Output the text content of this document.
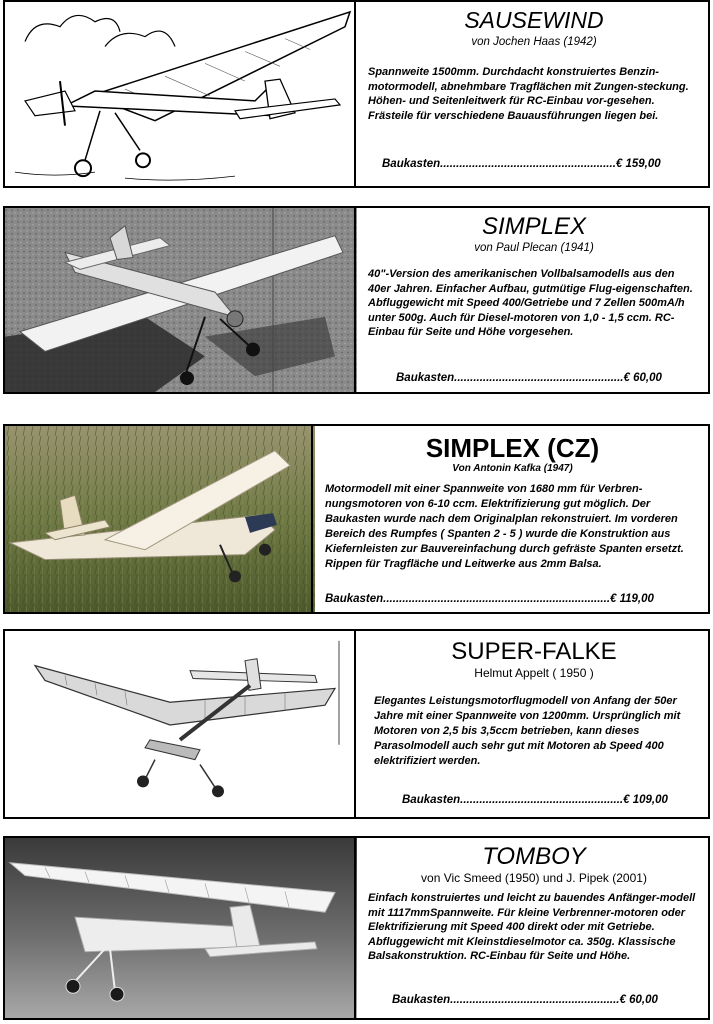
SAUSEWIND
von Jochen Haas (1942)
Spannweite 1500mm. Durchdacht konstruiertes Benzin-motormodell, abnehmbare Tragflächen mit Zungen-steckung. Höhen- und Seitenleitwerk für RC-Einbau vor-gesehen. Frästeile für verschiedene Bauausführungen liegen bei.
Baukasten.......................................................€ 159,00
SIMPLEX
von Paul Plecan (1941)
40"-Version des amerikanischen Vollbalsamodells aus den 40er Jahren. Einfacher Aufbau, gutmütige Flug-eigenschaften. Abfluggewicht mit Speed 400/Getriebe und 7 Zellen 500mA/h unter 500g. Auch für Diesel-motoren von 1,0 - 1,5 ccm. RC-Einbau für Seite und Höhe vorgesehen.
Baukasten.....................................................€ 60,00
SIMPLEX (CZ)
Von Antonin Kafka (1947)
Motormodell mit einer Spannweite von 1680 mm für Verbren-nungsmotoren von 6-10 ccm. Elektrifizierung gut möglich. Der Baukasten wurde nach dem Originalplan rekonstruiert. Im vorderen Bereich des Rumpfes ( Spanten 2 - 5 ) wurde die Konstruktion aus Kiefernleisten zur Bauvereinfachung durch gefräste Spanten ersetzt. Rippen für Tragfläche und Leitwerke aus 2mm Balsa.
Baukasten.......................................................................€ 119,00
SUPER-FALKE
Helmut Appelt ( 1950 )
Elegantes Leistungsmotorflugmodell von Anfang der 50er Jahre mit einer Spannweite von 1200mm. Ursprünglich mit Motoren von 2,5 bis 3,5ccm betrieben, kann dieses Parasolmodell auch sehr gut mit Motoren ab Speed 400 elektrifiziert werden.
Baukasten...................................................€ 109,00
TOMBOY
von Vic Smeed (1950) und J. Pipek (2001)
Einfach konstruiertes und leicht zu bauendes Anfänger-modell mit 1117mmSpannweite. Für kleine Verbrenner-motoren oder Elektrifizierung mit Speed 400 direkt oder mit Getriebe. Abfluggewicht mit Kleinstdieselmotor ca. 350g. Klassische Balsakonstruktion. RC-Einbau für Seite und Höhe.
Baukasten.....................................................€ 60,00
